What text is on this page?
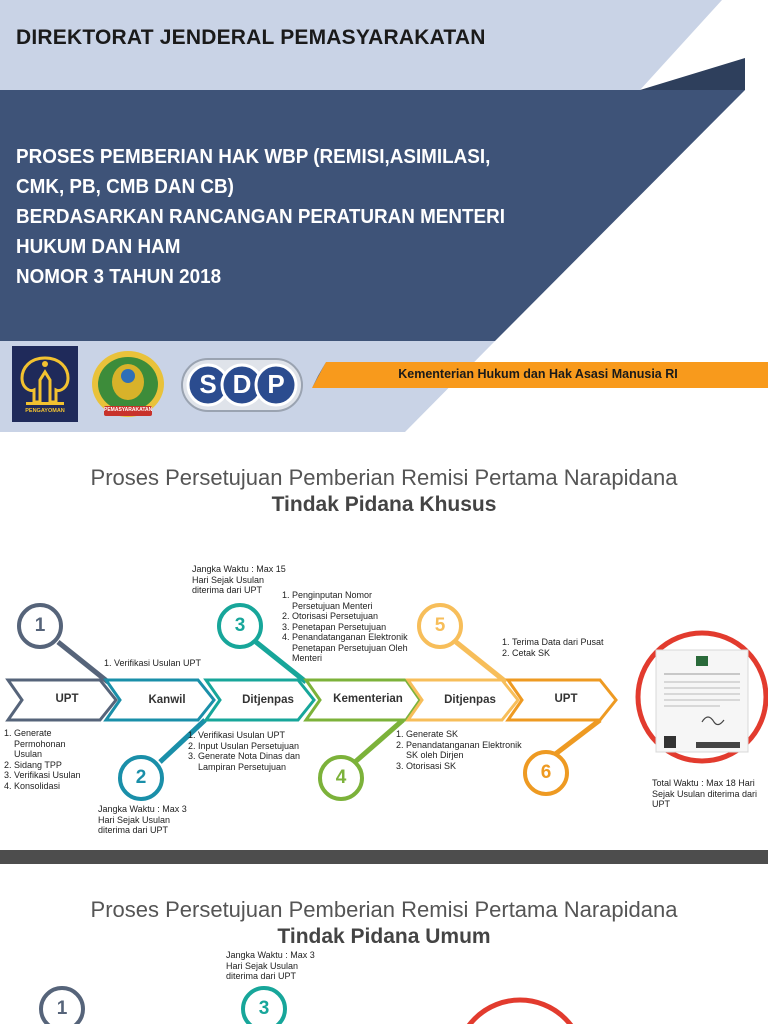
DIREKTORAT JENDERAL PEMASYARAKATAN
PROSES PEMBERIAN HAK WBP (REMISI,ASIMILASI,
CMK, PB, CMB DAN CB)
BERDASARKAN RANCANGAN PERATURAN MENTERI
HUKUM DAN HAM
NOMOR 3 TAHUN 2018
PENGAYOMAN	PEMASYARAKATAN
S D P	Kementerian Hukum dan Hak Asasi Manusia RI
Proses Persetujuan Pemberian Remisi Pertama Narapidana
Tindak Pidana Khusus
1
2
3
4
5
6
UPT	Kanwil	Ditjenpas	Kementerian	Ditjenpas	UPT
1. Verifikasi Usulan UPT
1. Generate Permohonan Usulan
2. Sidang TPP
3. Verifikasi Usulan
4. Konsolidasi
Jangka Waktu : Max 3 Hari Sejak Usulan diterima dari UPT
Jangka Waktu : Max 15 Hari Sejak Usulan diterima dari UPT
1. Verifikasi Usulan UPT
2. Input Usulan Persetujuan
3. Generate Nota Dinas dan Lampiran Persetujuan
1. Penginputan Nomor Persetujuan Menteri
2. Otorisasi Persetujuan
3. Penetapan Persetujuan
4. Penandatanganan Elektronik Penetapan Persetujuan Oleh Menteri
1. Generate SK
2. Penandatanganan Elektronik SK oleh Dirjen
3. Otorisasi SK
1. Terima Data dari Pusat
2. Cetak SK
Total Waktu : Max 18 Hari Sejak Usulan diterima dari UPT
Proses Persetujuan Pemberian Remisi Pertama Narapidana
Tindak Pidana Umum
Jangka Waktu : Max 3 Hari Sejak Usulan diterima dari UPT
1	3
